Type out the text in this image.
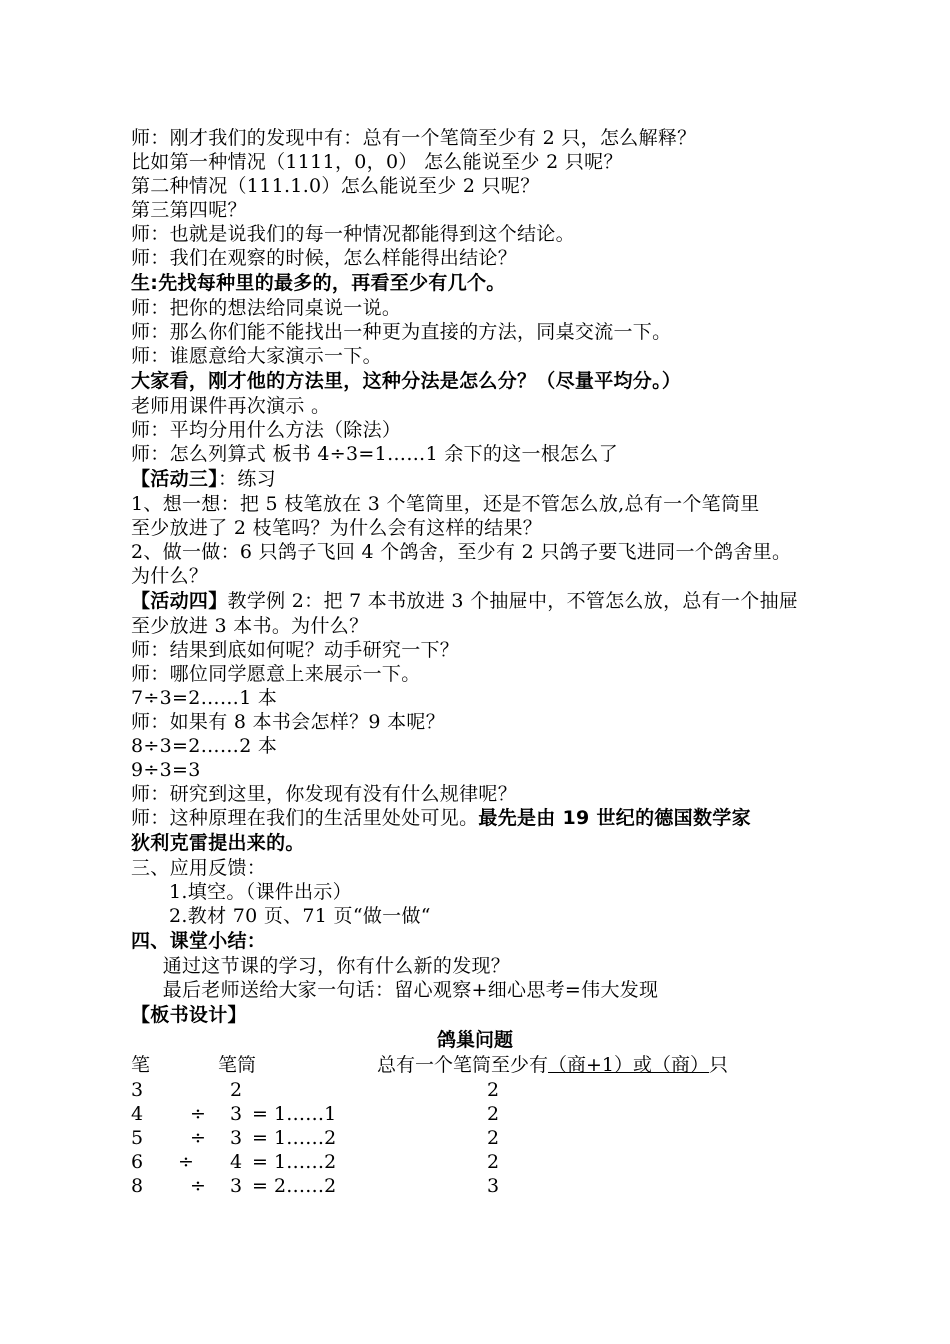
师：刚才我们的发现中有：总有一个笔筒至少有 2 只，怎么解释？
比如第一种情况（1111，0，0） 怎么能说至少 2 只呢？
第二种情况（111.1.0）怎么能说至少 2 只呢？
第三第四呢？
师：也就是说我们的每一种情况都能得到这个结论。
师：我们在观察的时候，怎么样能得出结论？
生:先找每种里的最多的，再看至少有几个。
师：把你的想法给同桌说一说。
师：那么你们能不能找出一种更为直接的方法，同桌交流一下。
师：谁愿意给大家演示一下。
大家看，刚才他的方法里，这种分法是怎么分？（尽量平均分。）
老师用课件再次演示 。
师：平均分用什么方法（除法）
师：怎么列算式 板书 4÷3=1……1 余下的这一根怎么了
【活动三】：练习
1、想一想：把 5 枝笔放在 3 个笔筒里，还是不管怎么放,总有一个笔筒里
至少放进了 2 枝笔吗？为什么会有这样的结果？
2、做一做：6 只鸽子飞回 4 个鸽舍，至少有 2 只鸽子要飞进同一个鸽舍里。
为什么？
【活动四】教学例 2：把 7 本书放进 3 个抽屉中，不管怎么放，总有一个抽屉
至少放进 3 本书。为什么？
师：结果到底如何呢？动手研究一下？
师：哪位同学愿意上来展示一下。
7÷3=2……1 本
师：如果有 8 本书会怎样？9 本呢？
8÷3=2……2 本
9÷3=3
师：研究到这里，你发现有没有什么规律呢？
师：这种原理在我们的生活里处处可见。最先是由 19 世纪的德国数学家
狄利克雷提出来的。
三、应用反馈：
1.填空。（课件出示）
2.教材 70 页、71 页“做一做“
四、课堂小结：
通过这节课的学习，你有什么新的发现？
最后老师送给大家一句话：留心观察+细心思考=伟大发现
【板书设计】
鸽巢问题
笔	笔筒	总有一个笔筒至少有（商+1）或（商）只
3	2	2
4 ÷ 3 = 1……1	2
5 ÷ 3 = 1……2	2
6 ÷ 4 = 1……2	2
8 ÷ 3 = 2……2	3
